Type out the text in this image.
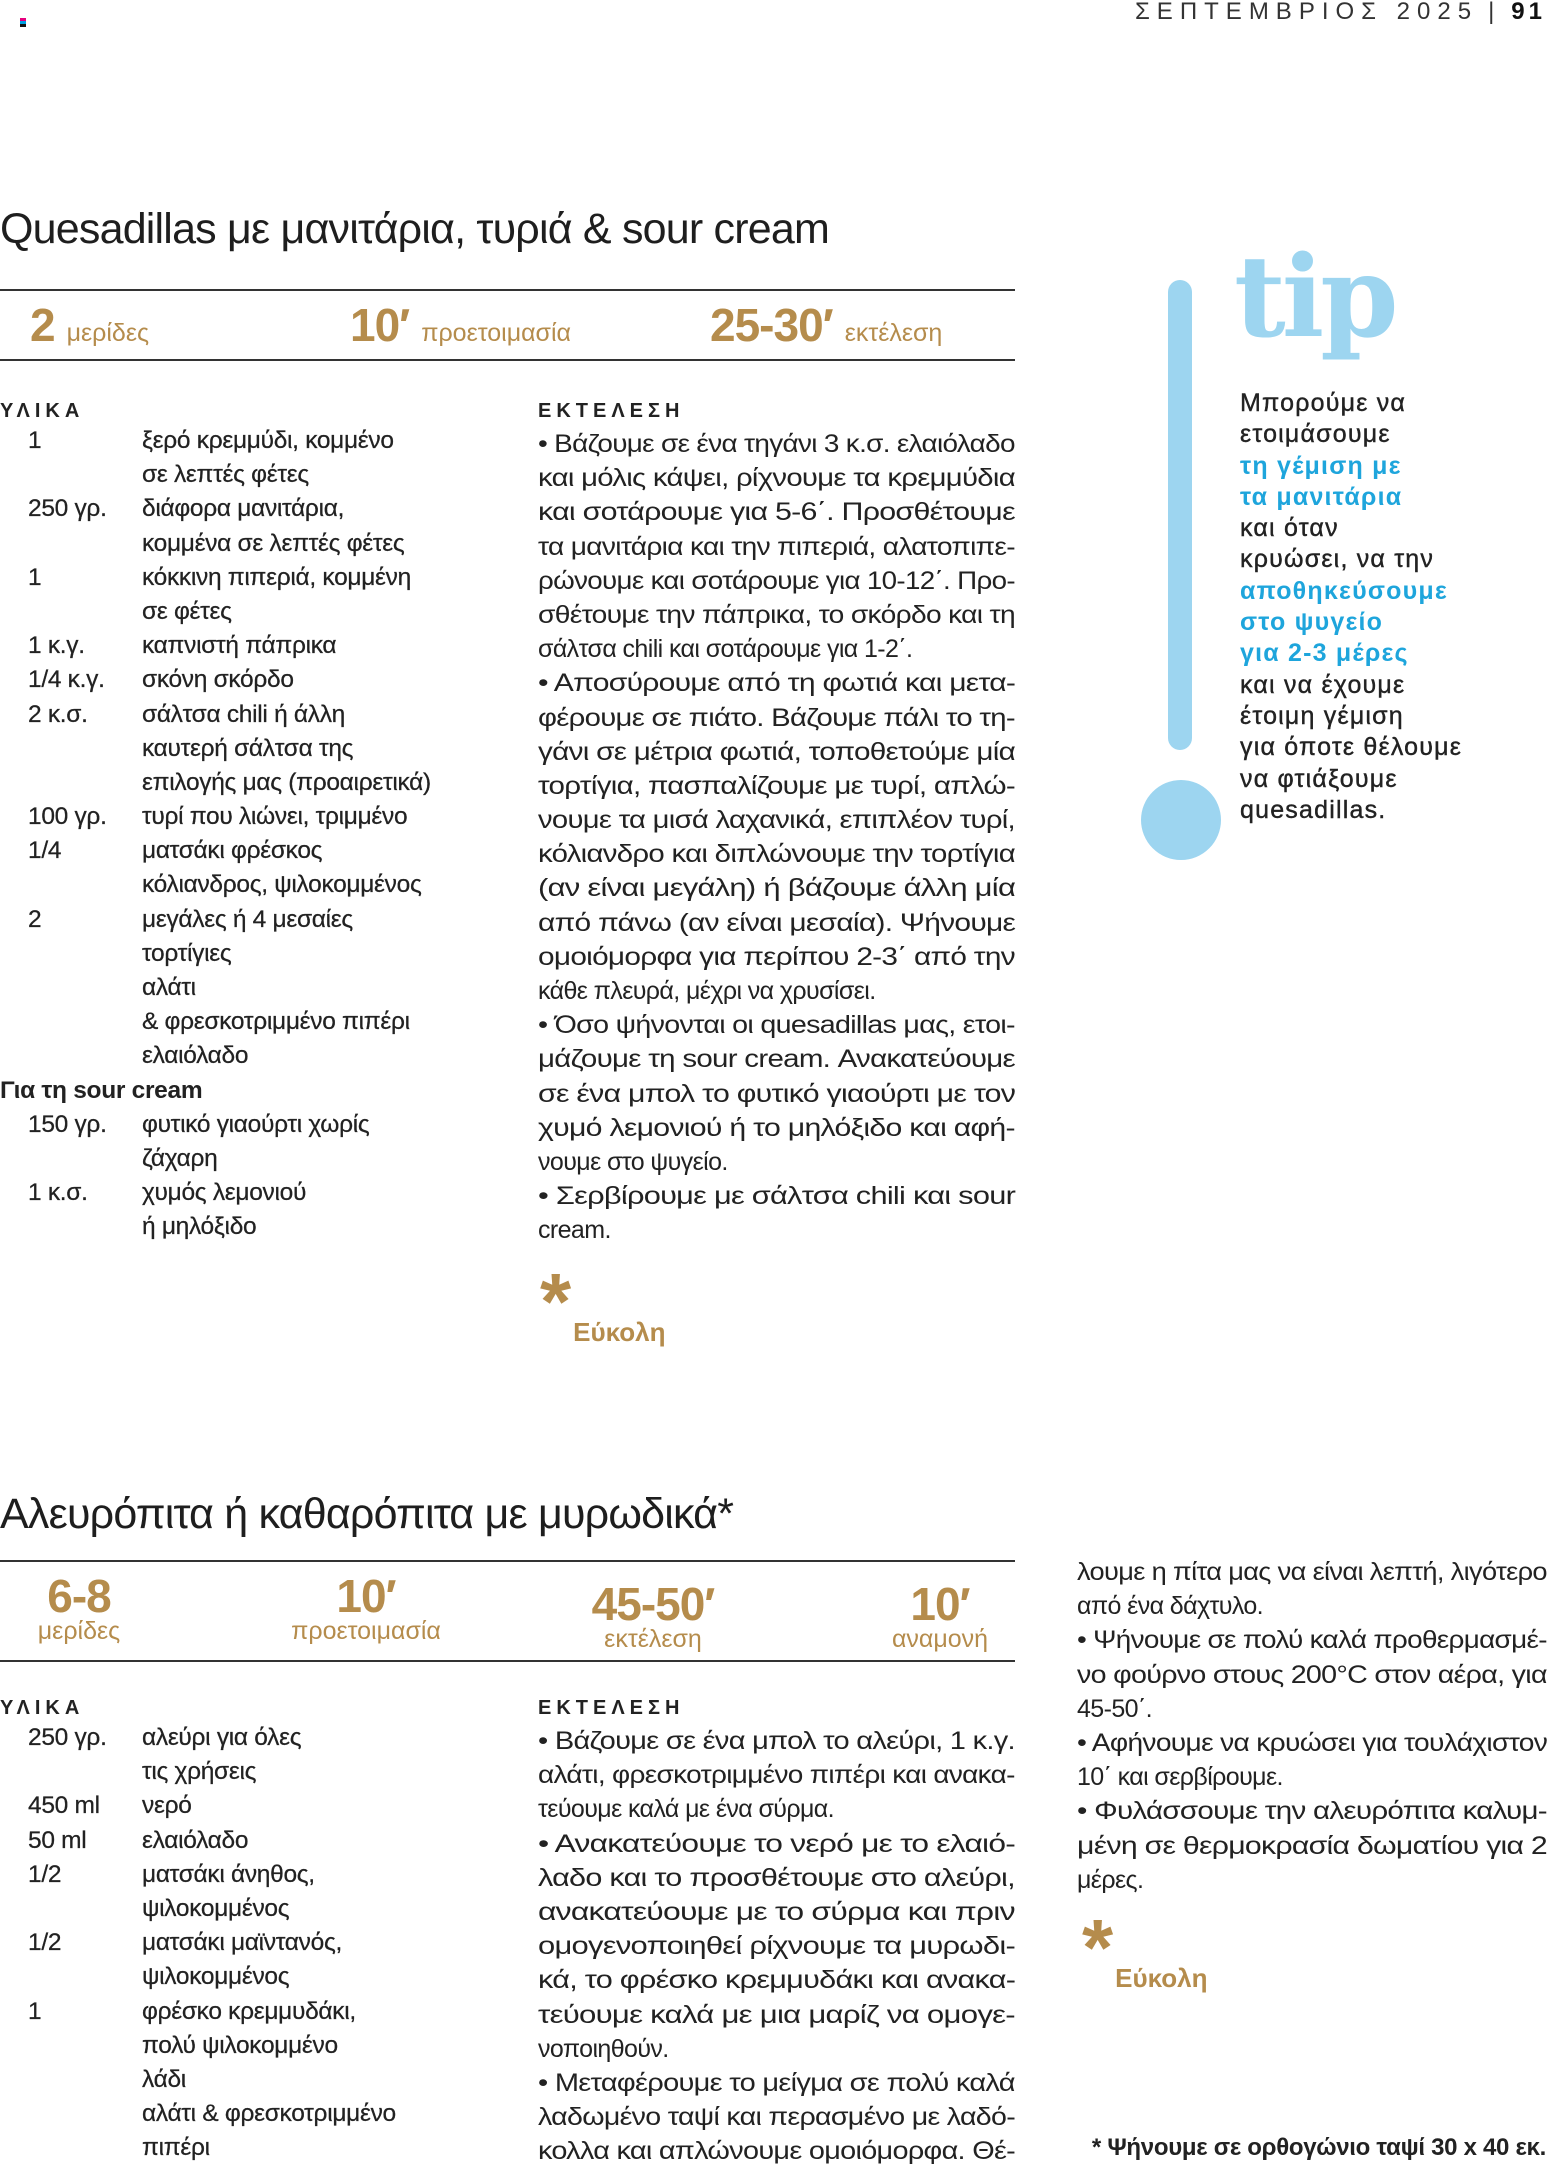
ΣΕΠΤΕΜΒΡΙΟΣ 2025 | 91
Quesadillas με μανιτάρια, τυριά & sour cream
2 μερίδες	10′ προετοιμασία	25-30′ εκτέλεση
ΥΛΙΚΑ
1	ξερό κρεμμύδι, κομμένο
σε λεπτές φέτες
250 γρ. διάφορα μανιτάρια,
κομμένα σε λεπτές φέτες
1	κόκκινη πιπεριά, κομμένη
σε φέτες
1 κ.γ. καπνιστή πάπρικα
1/4 κ.γ. σκόνη σκόρδο
2 κ.σ. σάλτσα chili ή άλλη
καυτερή σάλτσα της
επιλογής μας (προαιρετικά)
100 γρ. τυρί που λιώνει, τριμμένο
1/4	ματσάκι φρέσκος
κόλιανδρος, ψιλοκομμένος
2	μεγάλες ή 4 μεσαίες
τορτίγιες
αλάτι
& φρεσκοτριμμένο πιπέρι
ελαιόλαδο
Για τη sour cream
150 γρ. φυτικό γιαούρτι χωρίς
ζάχαρη
1 κ.σ. χυμός λεμονιού
ή μηλόξιδο
ΕΚΤΕΛΕΣΗ
• Βάζουμε σε ένα τηγάνι 3 κ.σ. ελαιόλαδο
και μόλις κάψει, ρίχνουμε τα κρεμμύδια
και σοτάρουμε για 5-6΄. Προσθέτουμε
τα μανιτάρια και την πιπεριά, αλατοπιπε-
ρώνουμε και σοτάρουμε για 10-12΄. Προ-
σθέτουμε την πάπρικα, το σκόρδο και τη
σάλτσα chili και σοτάρουμε για 1-2΄.
• Αποσύρουμε από τη φωτιά και μετα-
φέρουμε σε πιάτο. Βάζουμε πάλι το τη-
γάνι σε μέτρια φωτιά, τοποθετούμε μία
τορτίγια, πασπαλίζουμε με τυρί, απλώ-
νουμε τα μισά λαχανικά, επιπλέον τυρί,
κόλιανδρο και διπλώνουμε την τορτίγια
(αν είναι μεγάλη) ή βάζουμε άλλη μία
από πάνω (αν είναι μεσαία). Ψήνουμε
ομοιόμορφα για περίπου 2-3΄ από την
κάθε πλευρά, μέχρι να χρυσίσει.
• Όσο ψήνονται οι quesadillas μας, ετοι-
μάζουμε τη sour cream. Ανακατεύουμε
σε ένα μπολ το φυτικό γιαούρτι με τον
χυμό λεμονιού ή το μηλόξιδο και αφή-
νουμε στο ψυγείο.
• Σερβίρουμε με σάλτσα chili και sour
cream.
*Εύκολη
tip
Μπορούμε να
ετοιμάσουμε
τη γέμιση με
τα μανιτάρια
και όταν
κρυώσει, να την
αποθηκεύσουμε
στο ψυγείο
για 2-3 μέρες
και να έχουμε
έτοιμη γέμιση
για όποτε θέλουμε
να φτιάξουμε
quesadillas.
Αλευρόπιτα ή καθαρόπιτα με μυρωδικά*
6-8
μερίδες
10′
προετοιμασία
45-50′
εκτέλεση
10′
αναμονή
ΥΛΙΚΑ
250 γρ. αλεύρι για όλες
τις χρήσεις
450 ml νερό
50 ml ελαιόλαδο
1/2	ματσάκι άνηθος,
ψιλοκομμένος
1/2	ματσάκι μαϊντανός,
ψιλοκομμένος
1	φρέσκο κρεμμυδάκι,
πολύ ψιλοκομμένο
λάδι
αλάτι & φρεσκοτριμμένο
πιπέρι
ΕΚΤΕΛΕΣΗ
• Βάζουμε σε ένα μπολ το αλεύρι, 1 κ.γ.
αλάτι, φρεσκοτριμμένο πιπέρι και ανακα-
τεύουμε καλά με ένα σύρμα.
• Ανακατεύουμε το νερό με το ελαιό-
λαδο και το προσθέτουμε στο αλεύρι,
ανακατεύουμε με το σύρμα και πριν
ομογενοποιηθεί ρίχνουμε τα μυρωδι-
κά, το φρέσκο κρεμμυδάκι και ανακα-
τεύουμε καλά με μια μαρίζ να ομογε-
νοποιηθούν.
• Μεταφέρουμε το μείγμα σε πολύ καλά
λαδωμένο ταψί και περασμένο με λαδό-
κολλα και απλώνουμε ομοιόμορφα. Θέ-
λουμε η πίτα μας να είναι λεπτή, λιγότερο
από ένα δάχτυλο.
• Ψήνουμε σε πολύ καλά προθερμασμέ-
νο φούρνο στους 200°C στον αέρα, για
45-50΄.
• Αφήνουμε να κρυώσει για τουλάχιστον
10΄ και σερβίρουμε.
• Φυλάσσουμε την αλευρόπιτα καλυμ-
μένη σε θερμοκρασία δωματίου για 2
μέρες.
*Εύκολη
* Ψήνουμε σε ορθογώνιο ταψί 30 x 40 εκ.
